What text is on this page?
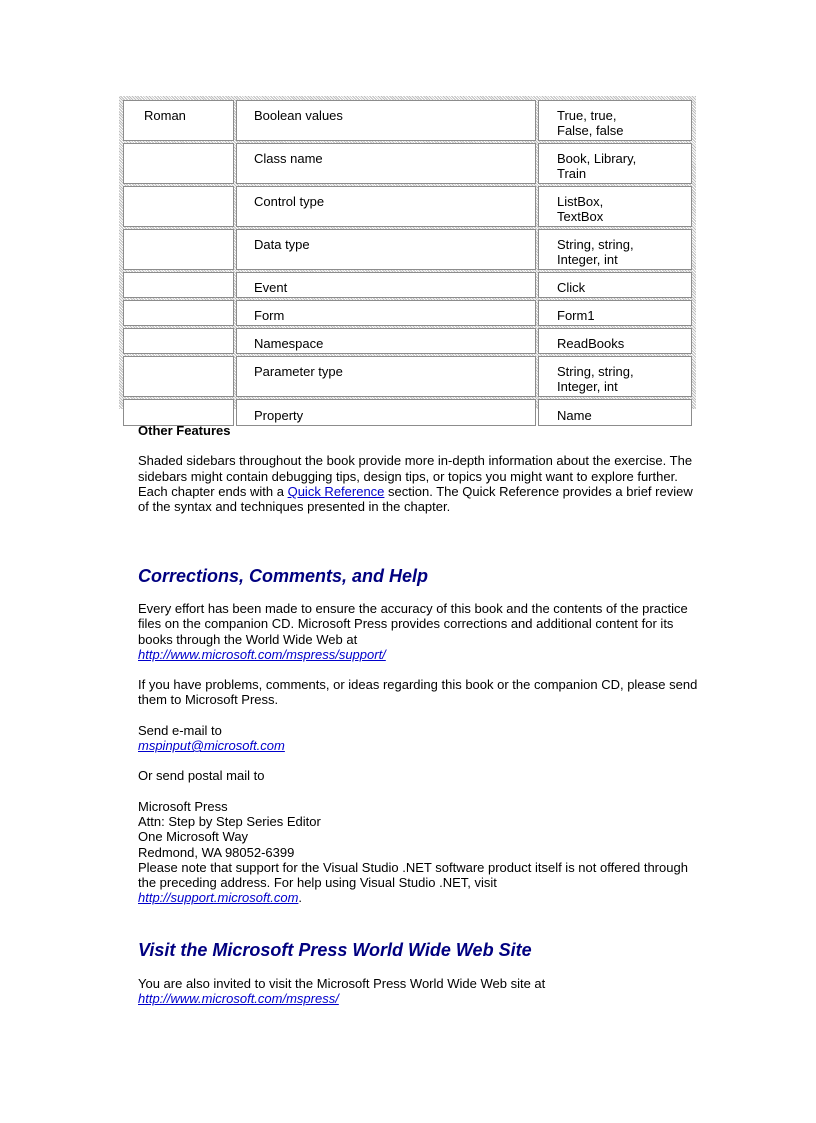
Roman	Boolean values	True, true,
False, false
	Class name	Book, Library,
Train
	Control type	ListBox,
TextBox
	Data type	String, string,
Integer, int
	Event	Click
	Form	Form1
	Namespace	ReadBooks
	Parameter type	String, string,
Integer, int
	Property	Name

Other Features

Shaded sidebars throughout the book provide more in-depth information about the exercise. The sidebars might contain debugging tips, design tips, or topics you might want to explore further.

Each chapter ends with a Quick Reference section. The Quick Reference provides a brief review of the syntax and techniques presented in the chapter.

Corrections, Comments, and Help

Every effort has been made to ensure the accuracy of this book and the contents of the practice files on the companion CD. Microsoft Press provides corrections and additional content for its books through the World Wide Web at

http://www.microsoft.com/mspress/support/

If you have problems, comments, or ideas regarding this book or the companion CD, please send them to Microsoft Press.

Send e-mail to

mspinput@microsoft.com

Or send postal mail to

Microsoft Press

Attn: Step by Step Series Editor

One Microsoft Way

Redmond, WA 98052-6399

Please note that support for the Visual Studio .NET software product itself is not offered through the preceding address. For help using Visual Studio .NET, visit

http://support.microsoft.com.

Visit the Microsoft Press World Wide Web Site

You are also invited to visit the Microsoft Press World Wide Web site at

http://www.microsoft.com/mspress/
